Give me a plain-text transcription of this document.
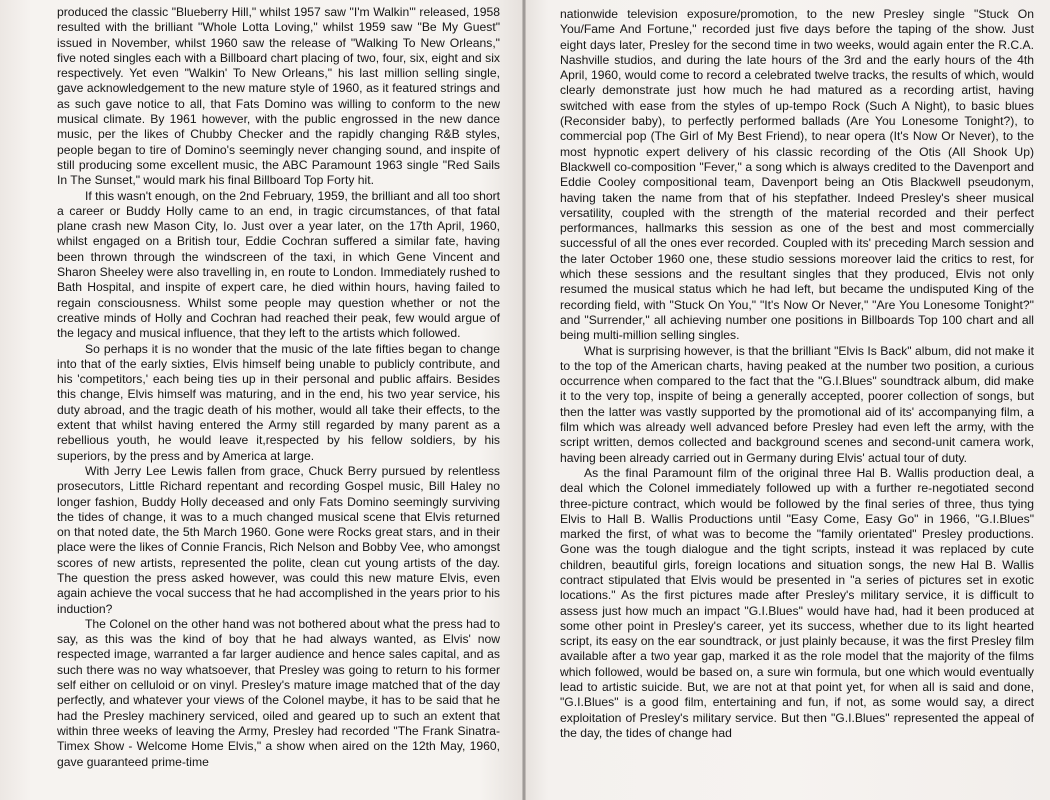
produced the classic "Blueberry Hill," whilst 1957 saw "I'm Walkin'" released, 1958 resulted with the brilliant "Whole Lotta Loving," whilst 1959 saw "Be My Guest" issued in November, whilst 1960 saw the release of "Walking To New Orleans," five noted singles each with a Billboard chart placing of two, four, six, eight and six respectively. Yet even "Walkin' To New Orleans," his last million selling single, gave acknowledgement to the new mature style of 1960, as it featured strings and as such gave notice to all, that Fats Domino was willing to conform to the new musical climate. By 1961 however, with the public engrossed in the new dance music, per the likes of Chubby Checker and the rapidly changing R&B styles, people began to tire of Domino's seemingly never changing sound, and inspite of still producing some excellent music, the ABC Paramount 1963 single "Red Sails In The Sunset," would mark his final Billboard Top Forty hit.

If this wasn't enough, on the 2nd February, 1959, the brilliant and all too short a career or Buddy Holly came to an end, in tragic circumstances, of that fatal plane crash new Mason City, Io. Just over a year later, on the 17th April, 1960, whilst engaged on a British tour, Eddie Cochran suffered a similar fate, having been thrown through the windscreen of the taxi, in which Gene Vincent and Sharon Sheeley were also travelling in, en route to London. Immediately rushed to Bath Hospital, and inspite of expert care, he died within hours, having failed to regain consciousness. Whilst some people may question whether or not the creative minds of Holly and Cochran had reached their peak, few would argue of the legacy and musical influence, that they left to the artists which followed.

So perhaps it is no wonder that the music of the late fifties began to change into that of the early sixties, Elvis himself being unable to publicly contribute, and his 'competitors,' each being ties up in their personal and public affairs. Besides this change, Elvis himself was maturing, and in the end, his two year service, his duty abroad, and the tragic death of his mother, would all take their effects, to the extent that whilst having entered the Army still regarded by many parent as a rebellious youth, he would leave it,respected by his fellow soldiers, by his superiors, by the press and by America at large.

With Jerry Lee Lewis fallen from grace, Chuck Berry pursued by relentless prosecutors, Little Richard repentant and recording Gospel music, Bill Haley no longer fashion, Buddy Holly deceased and only Fats Domino seemingly surviving the tides of change, it was to a much changed musical scene that Elvis returned on that noted date, the 5th March 1960. Gone were Rocks great stars, and in their place were the likes of Connie Francis, Rich Nelson and Bobby Vee, who amongst scores of new artists, represented the polite, clean cut young artists of the day. The question the press asked however, was could this new mature Elvis, even again achieve the vocal success that he had accomplished in the years prior to his induction?

The Colonel on the other hand was not bothered about what the press had to say, as this was the kind of boy that he had always wanted, as Elvis' now respected image, warranted a far larger audience and hence sales capital, and as such there was no way whatsoever, that Presley was going to return to his former self either on celluloid or on vinyl. Presley's mature image matched that of the day perfectly, and whatever your views of the Colonel maybe, it has to be said that he had the Presley machinery serviced, oiled and geared up to such an extent that within three weeks of leaving the Army, Presley had recorded "The Frank Sinatra-Timex Show - Welcome Home Elvis," a show when aired on the 12th May, 1960, gave guaranteed prime-time

nationwide television exposure/promotion, to the new Presley single "Stuck On You/Fame And Fortune," recorded just five days before the taping of the show. Just eight days later, Presley for the second time in two weeks, would again enter the R.C.A. Nashville studios, and during the late hours of the 3rd and the early hours of the 4th April, 1960, would come to record a celebrated twelve tracks, the results of which, would clearly demonstrate just how much he had matured as a recording artist, having switched with ease from the styles of up-tempo Rock (Such A Night), to basic blues (Reconsider baby), to perfectly performed ballads (Are You Lonesome Tonight?), to commercial pop (The Girl of My Best Friend), to near opera (It's Now Or Never), to the most hypnotic expert delivery of his classic recording of the Otis (All Shook Up) Blackwell co-composition "Fever," a song which is always credited to the Davenport and Eddie Cooley compositional team, Davenport being an Otis Blackwell pseudonym, having taken the name from that of his stepfather. Indeed Presley's sheer musical versatility, coupled with the strength of the material recorded and their perfect performances, hallmarks this session as one of the best and most commercially successful of all the ones ever recorded. Coupled with its' preceding March session and the later October 1960 one, these studio sessions moreover laid the critics to rest, for which these sessions and the resultant singles that they produced, Elvis not only resumed the musical status which he had left, but became the undisputed King of the recording field, with "Stuck On You," "It's Now Or Never," "Are You Lonesome Tonight?" and "Surrender," all achieving number one positions in Billboards Top 100 chart and all being multi-million selling singles.

What is surprising however, is that the brilliant "Elvis Is Back" album, did not make it to the top of the American charts, having peaked at the number two position, a curious occurrence when compared to the fact that the "G.I.Blues" soundtrack album, did make it to the very top, inspite of being a generally accepted, poorer collection of songs, but then the latter was vastly supported by the promotional aid of its' accompanying film, a film which was already well advanced before Presley had even left the army, with the script written, demos collected and background scenes and second-unit camera work, having been already carried out in Germany during Elvis' actual tour of duty.

As the final Paramount film of the original three Hal B. Wallis production deal, a deal which the Colonel immediately followed up with a further re-negotiated second three-picture contract, which would be followed by the final series of three, thus tying Elvis to Hall B. Wallis Productions until "Easy Come, Easy Go" in 1966, "G.I.Blues" marked the first, of what was to become the "family orientated" Presley productions. Gone was the tough dialogue and the tight scripts, instead it was replaced by cute children, beautiful girls, foreign locations and situation songs, the new Hal B. Wallis contract stipulated that Elvis would be presented in "a series of pictures set in exotic locations." As the first pictures made after Presley's military service, it is difficult to assess just how much an impact "G.I.Blues" would have had, had it been produced at some other point in Presley's career, yet its success, whether due to its light hearted script, its easy on the ear soundtrack, or just plainly because, it was the first Presley film available after a two year gap, marked it as the role model that the majority of the films which followed, would be based on, a sure win formula, but one which would eventually lead to artistic suicide. But, we are not at that point yet, for when all is said and done, "G.I.Blues" is a good film, entertaining and fun, if not, as some would say, a direct exploitation of Presley's military service. But then "G.I.Blues" represented the appeal of the day, the tides of change had
